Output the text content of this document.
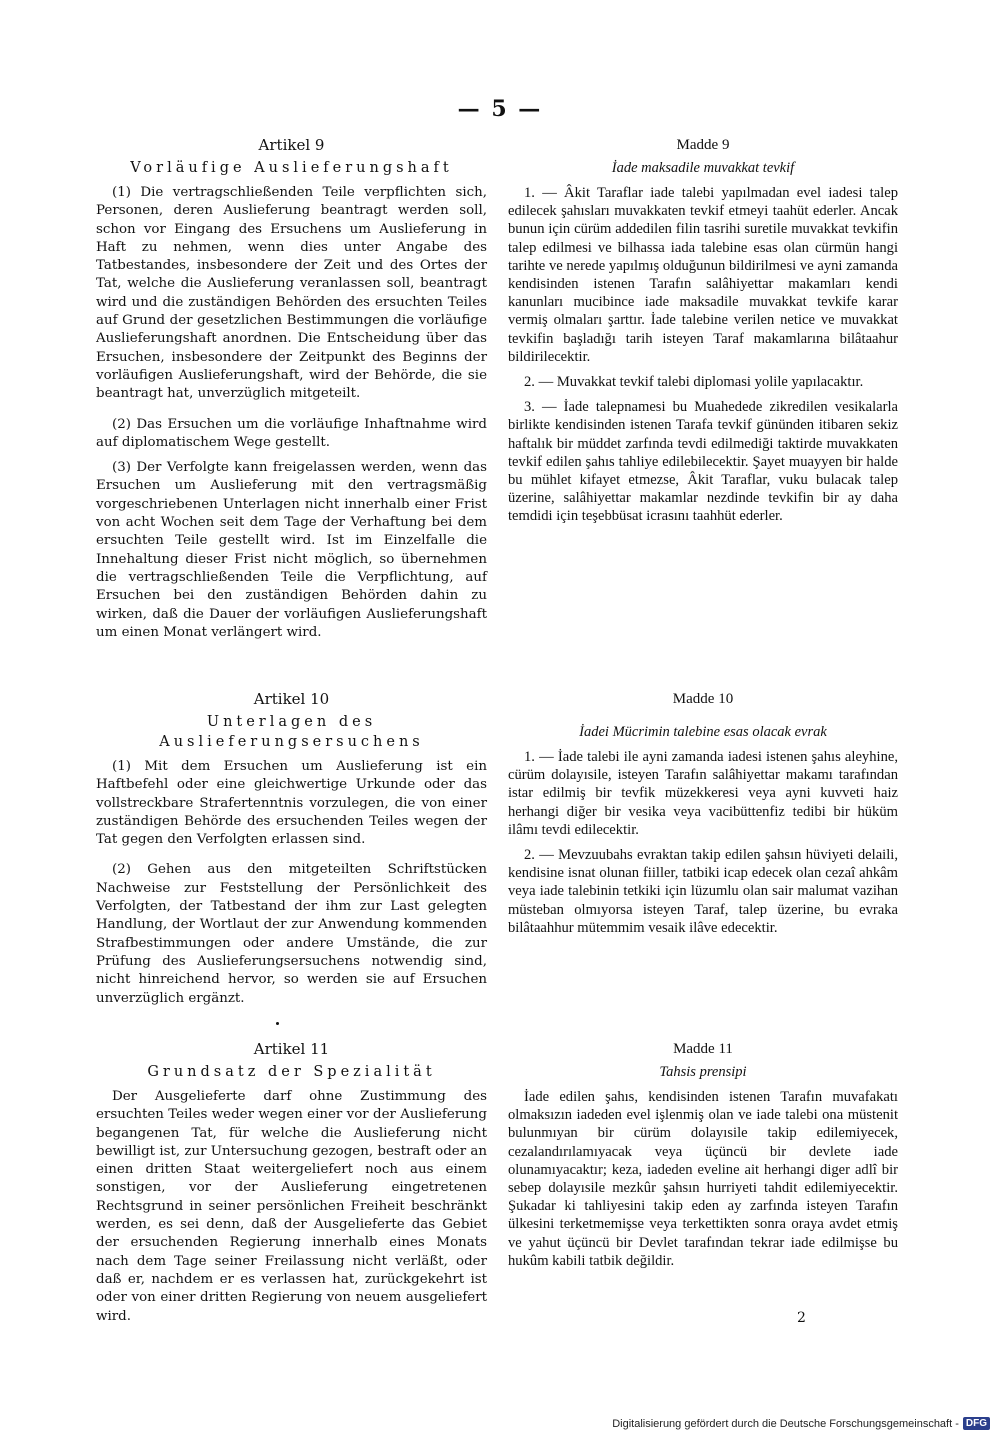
— 5 —
Artikel 9
Vorläufige Auslieferungshaft

(1) Die vertragschließenden Teile verpflichten sich, Personen, deren Auslieferung beantragt werden soll, schon vor Eingang des Ersuchens um Auslieferung in Haft zu nehmen, wenn dies unter Angabe des Tatbestandes, insbesondere der Zeit und des Ortes der Tat, welche die Auslieferung veranlassen soll, beantragt wird und die zuständigen Behörden des ersuchten Teiles auf Grund der gesetzlichen Bestimmungen die vorläufige Auslieferungshaft anordnen. Die Entscheidung über das Ersuchen, insbesondere der Zeitpunkt des Beginns der vorläufigen Auslieferungshaft, wird der Behörde, die sie beantragt hat, unverzüglich mitgeteilt.

(2) Das Ersuchen um die vorläufige Inhaftnahme wird auf diplomatischem Wege gestellt.

(3) Der Verfolgte kann freigelassen werden, wenn das Ersuchen um Auslieferung mit den vertragsmäßig vorgeschriebenen Unterlagen nicht innerhalb einer Frist von acht Wochen seit dem Tage der Verhaftung bei dem ersuchten Teile gestellt wird. Ist im Einzelfalle die Innehaltung dieser Frist nicht möglich, so übernehmen die vertragschließenden Teile die Verpflichtung, auf Ersuchen bei den zuständigen Behörden dahin zu wirken, daß die Dauer der vorläufigen Auslieferungshaft um einen Monat verlängert wird.

Artikel 10
Unterlagen des Auslieferungsersuchens

(1) Mit dem Ersuchen um Auslieferung ist ein Haftbefehl oder eine gleichwertige Urkunde oder das vollstreckbare Strafertenntnis vorzulegen, die von einer zuständigen Behörde des ersuchenden Teiles wegen der Tat gegen den Verfolgten erlassen sind.

(2) Gehen aus den mitgeteilten Schriftstücken Nachweise zur Feststellung der Persönlichkeit des Verfolgten, der Tatbestand der ihm zur Last gelegten Handlung, der Wortlaut der zur Anwendung kommenden Strafbestimmungen oder andere Umstände, die zur Prüfung des Auslieferungsersuchens notwendig sind, nicht hinreichend hervor, so werden sie auf Ersuchen unverzüglich ergänzt.

Artikel 11
Grundsatz der Spezialität

Der Ausgelieferte darf ohne Zustimmung des ersuchten Teiles weder wegen einer vor der Auslieferung begangenen Tat, für welche die Auslieferung nicht bewilligt ist, zur Untersuchung gezogen, bestraft oder an einen dritten Staat weitergeliefert noch aus einem sonstigen, vor der Auslieferung eingetretenen Rechtsgrund in seiner persönlichen Freiheit beschränkt werden, es sei denn, daß der Ausgelieferte das Gebiet der ersuchenden Regierung innerhalb eines Monats nach dem Tage seiner Freilassung nicht verläßt, oder daß er, nachdem er es verlassen hat, zurückgekehrt ist oder von einer dritten Regierung von neuem ausgeliefert wird.

Madde 9
İade maksadile muvakkat tevkif

1. — Âkit Taraflar iade talebi yapılmadan evel iadesi talep edilecek şahısları muvakkaten tevkif etmeyi taahüt ederler. Ancak bunun için cürüm addedilen filin tasrihi suretile muvakkat tevkifin talep edilmesi ve bilhassa iada talebine esas olan cürmün hangi tarihte ve nerede yapılmış olduğunun bildirilmesi ve ayni zamanda kendisinden istenen Tarafın salâhiyettar makamları kendi kanunları mucibince iade maksadile muvakkat tevkife karar vermiş olmaları şarttır. İade talebine verilen netice ve muvakkat tevkifin başladığı tarih isteyen Taraf makamlarına bilâtaahur bildirilecektir.

2. — Muvakkat tevkif talebi diplomasi yolile yapılacaktır.

3. — İade talepnamesi bu Muahedede zikredilen vesikalarla birlikte kendisinden istenen Tarafa tevkif gününden itibaren sekiz haftalık bir müddet zarfında tevdi edilmediği taktirde muvakkaten tevkif edilen şahıs tahliye edilebilecektir. Şayet muayyen bir halde bu mühlet kifayet etmezse, Âkit Taraflar, vuku bulacak talep üzerine, salâhiyettar makamlar nezdinde tevkifin bir ay daha temdidi için teşebbüsat icrasını taahhüt ederler.

Madde 10
İadei Mücrimin talebine esas olacak evrak

1. — İade talebi ile ayni zamanda iadesi istenen şahıs aleyhine, cürüm dolayısile, isteyen Tarafın salâhiyettar makamı tarafından istar edilmiş bir tevfik müzekkeresi veya ayni kuvveti haiz herhangi diğer bir vesika veya vacibüttenfiz tedibi bir hüküm ilâmı tevdi edilecektir.

2. — Mevzuubahs evraktan takip edilen şahsın hüviyeti delaili, kendisine isnat olunan fiiller, tatbiki icap edecek olan cezaî ahkâm veya iade talebinin tetkiki için lüzumlu olan sair malumat vazihan müsteban olmıyorsa isteyen Taraf, talep üzerine, bu evraka bilâtaahhur mütemmim vesaik ilâve edecektir.

Madde 11
Tahsis prensipi

İade edilen şahıs, kendisinden istenen Tarafın muvafakatı olmaksızın iadeden evel işlenmiş olan ve iade talebi ona müstenit bulunmıyan bir cürüm dolayısile takip edilemiyecek, cezalandırılamıyacak veya üçüncü bir devlete iade olunamıyacaktır; keza, iadeden eveline ait herhangi diger adlî bir sebep dolayısile mezkûr şahsın hurriyeti tahdit edilemiyecektir. Şukadar ki tahliyesini takip eden ay zarfında isteyen Tarafın ülkesini terketmemişse veya terkettikten sonra oraya avdet etmiş ve yahut üçüncü bir Devlet tarafından tekrar iade edilmişse bu hukûm kabili tatbik değildir.

2
Digitalisierung gefördert durch die Deutsche Forschungsgemeinschaft - DFG
